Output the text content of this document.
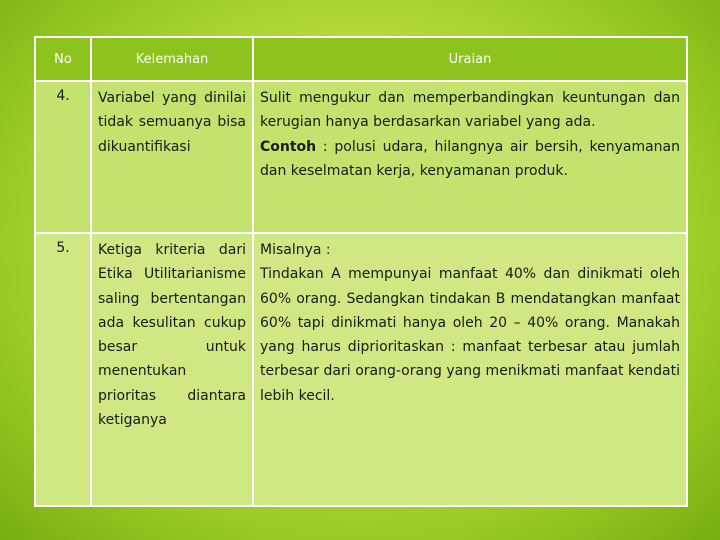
No	Kelemahan	Uraian
4.	Variabel yang dinilai tidak semuanya bisa dikuantifikasi	Sulit mengukur dan memperbandingkan keuntungan dan kerugian hanya berdasarkan variabel yang ada.

Contoh : polusi udara, hilangnya air bersih, kenyamanan dan keselmatan kerja, kenyamanan produk.

5.	Ketiga kriteria dari Etika Utilitarianisme saling bertentangan ada kesulitan cukup besar untuk menentukan prioritas diantara ketiganya	Misalnya :

Tindakan A mempunyai manfaat 40% dan dinikmati oleh 60% orang. Sedangkan tindakan B mendatangkan manfaat 60% tapi dinikmati hanya oleh 20 – 40% orang. Manakah yang harus diprioritaskan : manfaat terbesar atau jumlah terbesar dari orang-orang yang menikmati manfaat kendati lebih kecil.
